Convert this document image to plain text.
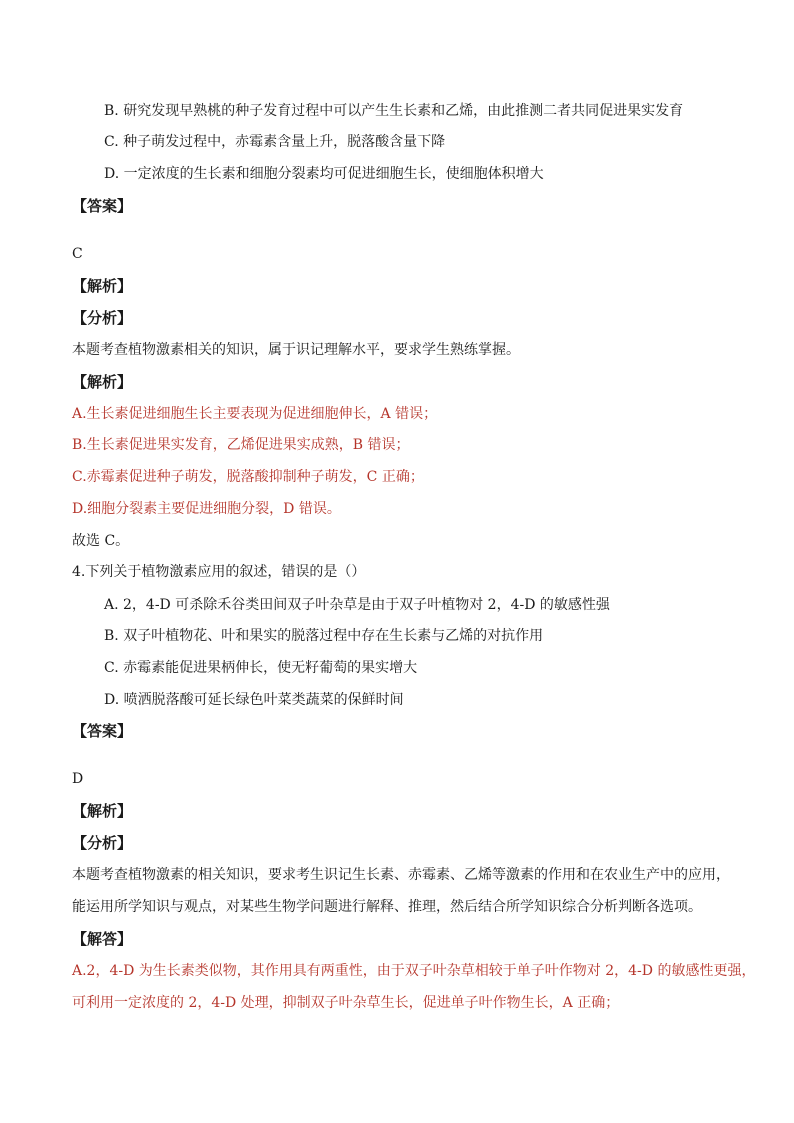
B. 研究发现早熟桃的种子发育过程中可以产生生长素和乙烯，由此推测二者共同促进果实发育
C. 种子萌发过程中，赤霉素含量上升，脱落酸含量下降
D. 一定浓度的生长素和细胞分裂素均可促进细胞生长，使细胞体积增大
【答案】
C
【解析】
【分析】
本题考查植物激素相关的知识，属于识记理解水平，要求学生熟练掌握。
【解析】
A.生长素促进细胞生长主要表现为促进细胞伸长，A 错误；
B.生长素促进果实发育，乙烯促进果实成熟，B 错误；
C.赤霉素促进种子萌发，脱落酸抑制种子萌发，C 正确；
D.细胞分裂素主要促进细胞分裂，D 错误。
故选 C。
4.下列关于植物激素应用的叙述，错误的是（）
A. 2，4-D 可杀除禾谷类田间双子叶杂草是由于双子叶植物对 2，4-D 的敏感性强
B. 双子叶植物花、叶和果实的脱落过程中存在生长素与乙烯的对抗作用
C. 赤霉素能促进果柄伸长，使无籽葡萄的果实增大
D. 喷洒脱落酸可延长绿色叶菜类蔬菜的保鲜时间
【答案】
D
【解析】
【分析】
本题考查植物激素的相关知识，要求考生识记生长素、赤霉素、乙烯等激素的作用和在农业生产中的应用，
能运用所学知识与观点，对某些生物学问题进行解释、推理，然后结合所学知识综合分析判断各选项。
【解答】
A.2，4-D 为生长素类似物，其作用具有两重性，由于双子叶杂草相较于单子叶作物对 2，4-D 的敏感性更强，
可利用一定浓度的 2，4-D 处理，抑制双子叶杂草生长，促进单子叶作物生长，A 正确；
